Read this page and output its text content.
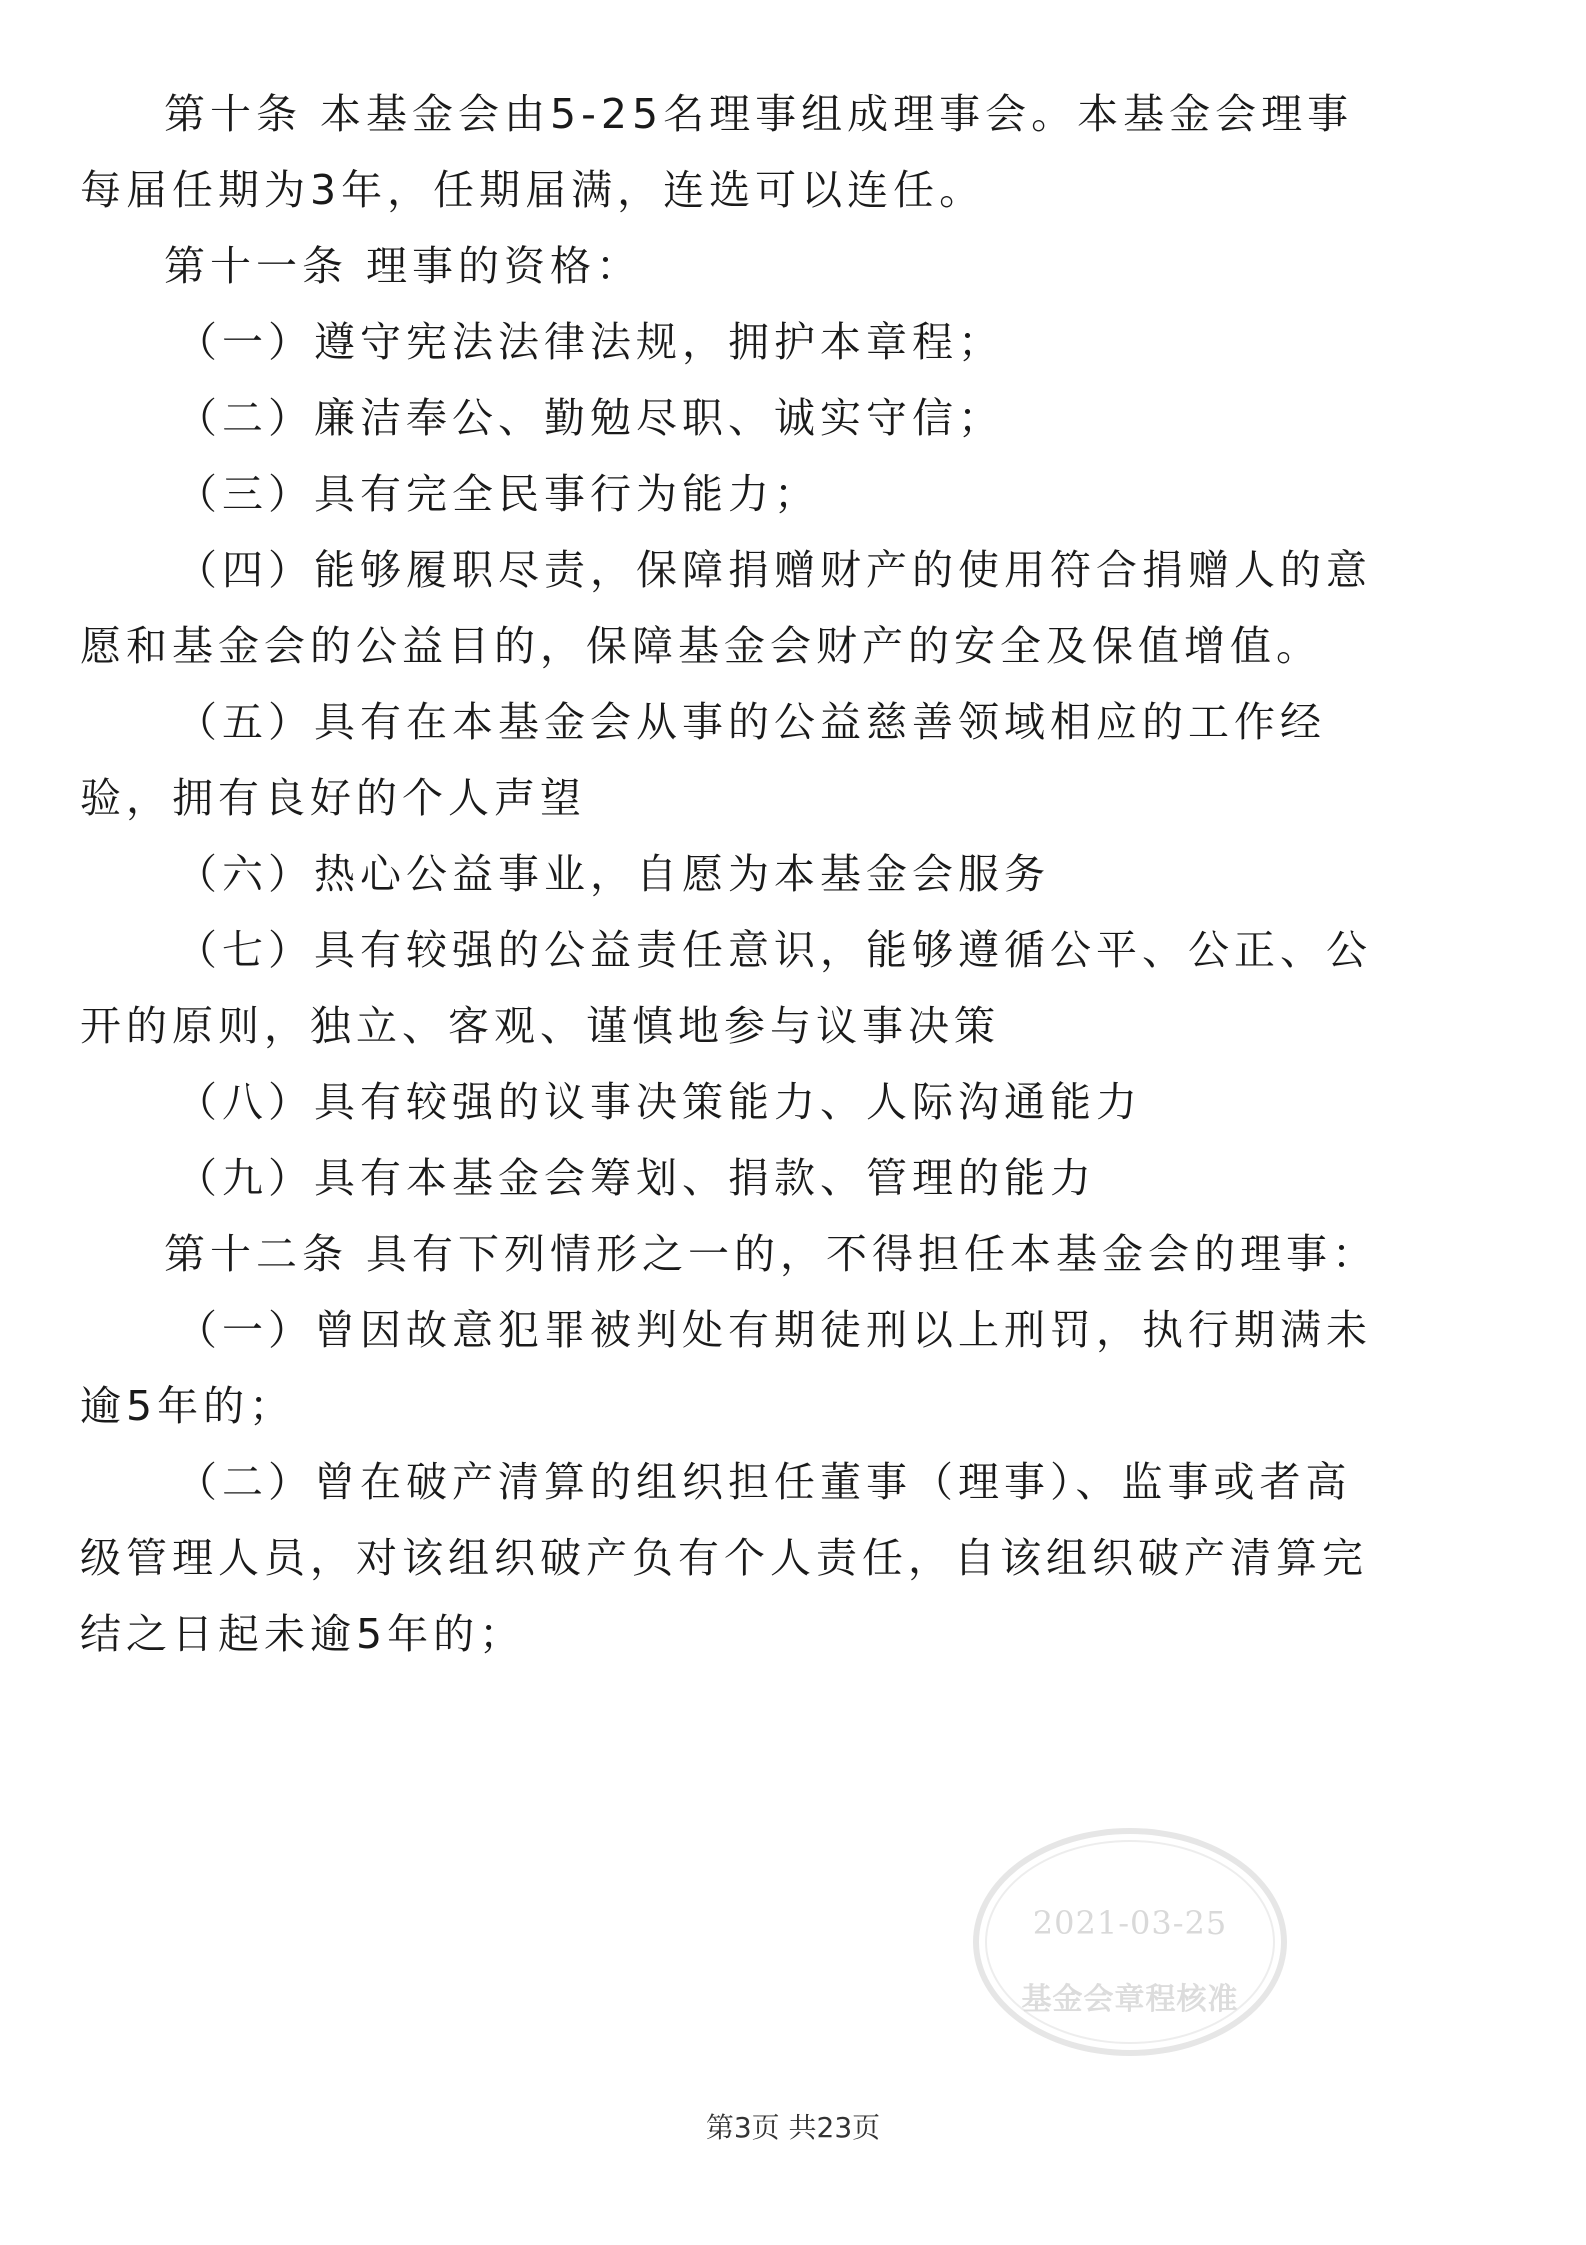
第十条 本基金会由5-25名理事组成理事会。本基金会理事每届任期为3年，任期届满，连选可以连任。

第十一条 理事的资格：

（一）遵守宪法法律法规，拥护本章程；

（二）廉洁奉公、勤勉尽职、诚实守信；

（三）具有完全民事行为能力；

（四）能够履职尽责，保障捐赠财产的使用符合捐赠人的意愿和基金会的公益目的，保障基金会财产的安全及保值增值。

（五）具有在本基金会从事的公益慈善领域相应的工作经验，拥有良好的个人声望

（六）热心公益事业，自愿为本基金会服务

（七）具有较强的公益责任意识，能够遵循公平、公正、公开的原则，独立、客观、谨慎地参与议事决策

（八）具有较强的议事决策能力、人际沟通能力

（九）具有本基金会筹划、捐款、管理的能力

第十二条 具有下列情形之一的，不得担任本基金会的理事：

（一）曾因故意犯罪被判处有期徒刑以上刑罚，执行期满未逾5年的；

（二）曾在破产清算的组织担任董事（理事）、监事或者高级管理人员，对该组织破产负有个人责任，自该组织破产清算完结之日起未逾5年的；

2021-03-25
基金会章程核准
第3页 共23页
